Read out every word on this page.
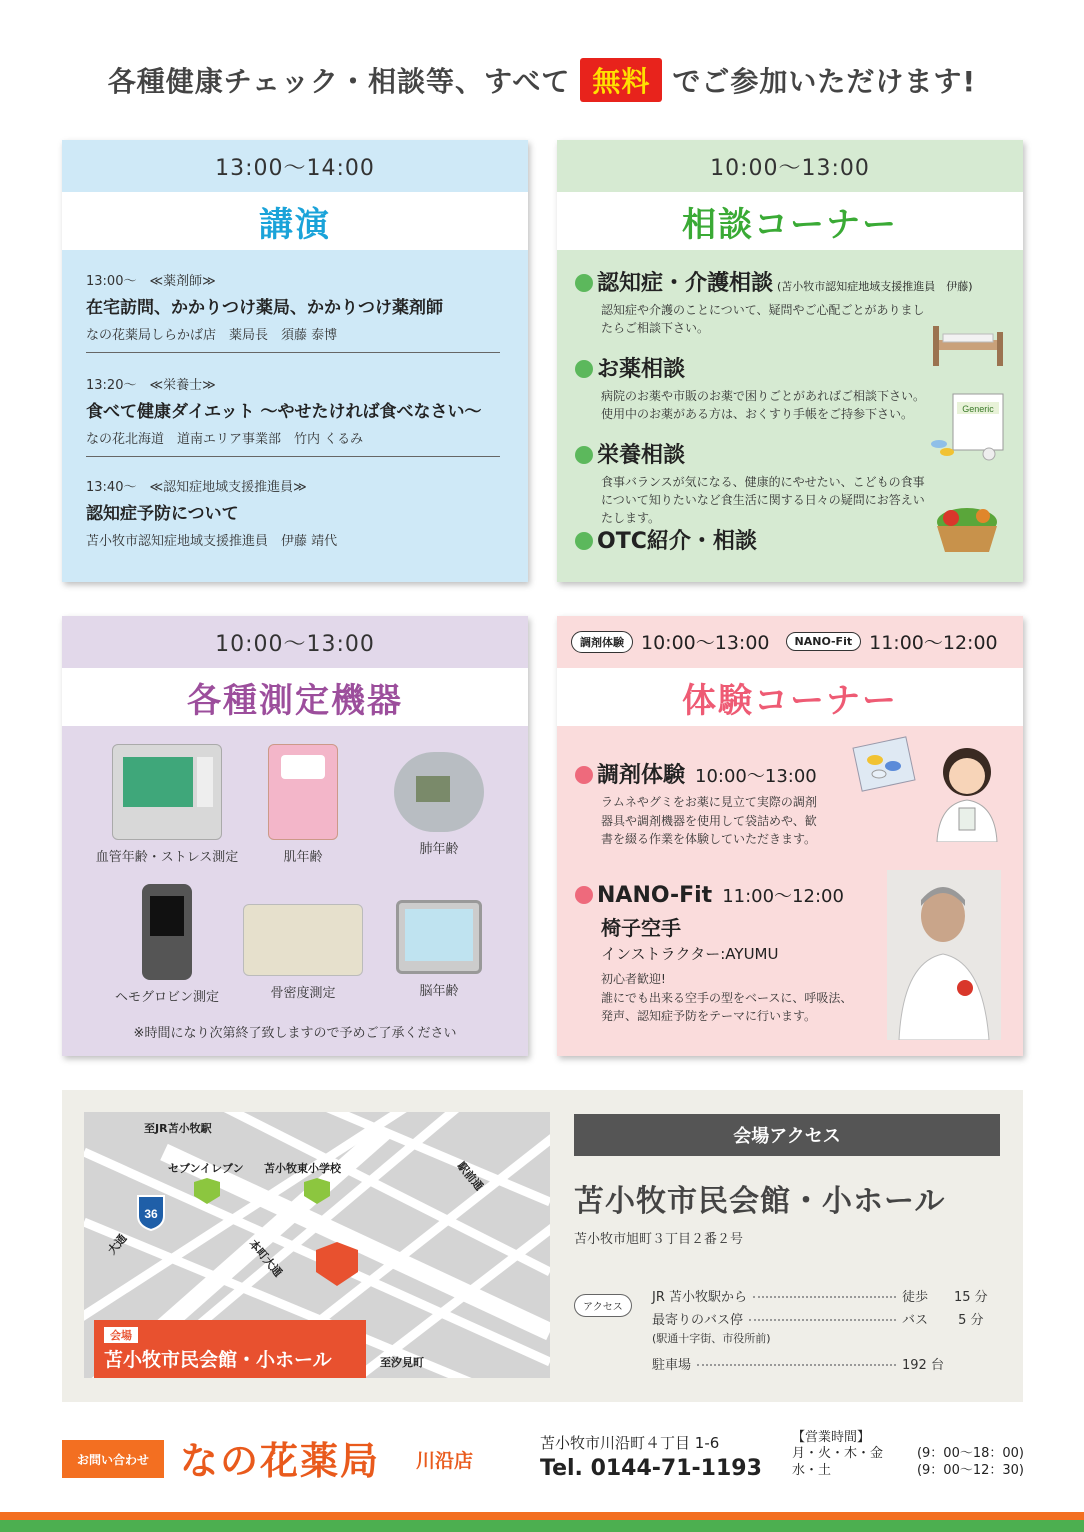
各種健康チェック・相談等、すべて 無料 でご参加いただけます!
13:00〜14:00
講演
13:00〜　≪薬剤師≫
在宅訪問、かかりつけ薬局、かかりつけ薬剤師
なの花薬局しらかば店　薬局長　須藤 泰博
13:20〜　≪栄養士≫
食べて健康ダイエット 〜やせたければ食べなさい〜
なの花北海道　道南エリア事業部　竹内 くるみ
13:40〜　≪認知症地域支援推進員≫
認知症予防について
苫小牧市認知症地域支援推進員　伊藤 靖代
10:00〜13:00
相談コーナー
認知症・介護相談 (苫小牧市認知症地域支援推進員　伊藤)
認知症や介護のことについて、疑問やご心配ごとがありましたらご相談下さい。
お薬相談
病院のお薬や市販のお薬で困りごとがあればご相談下さい。使用中のお薬がある方は、おくすり手帳をご持参下さい。
栄養相談
食事バランスが気になる、健康的にやせたい、こどもの食事について知りたいなど食生活に関する日々の疑問にお答えいたします。
OTC紹介・相談
Generic
10:00〜13:00
各種測定機器
血管年齢・ストレス測定	肌年齢
肺年齢
ヘモグロビン測定	骨密度測定	脳年齢
※時間になり次第終了致しますので予めご了承ください
調剤体験 10:00〜13:00	NANO-Fit 11:00〜12:00
体験コーナー
調剤体験 10:00〜13:00
ラムネやグミをお薬に見立て実際の調剤
器具や調剤機器を使用して袋詰めや、歓
書を綴る作業を体験していただきます。
NANO-Fit 11:00〜12:00
椅子空手
インストラクター:AYUMU
初心者歓迎!
誰にでも出来る空手の型をベースに、呼吸法、
発声、認知症予防をテーマに行います。
至JR苫小牧駅
セブンイレブン 苫小牧東小学校	駅前通
大通	本町大通
至汐見町
36
会場
苫小牧市民会館・小ホール
会場アクセス
苫小牧市民会館・小ホール
苫小牧市旭町３丁目２番２号
アクセス
JR 苫小牧駅から	徒歩　　15 分
最寄りのバス停	バス　　 5 分
(駅通十字街、市役所前)
駐車場	192 台
お問い合わせ なの花薬局 川沿店
苫小牧市川沿町４丁目 1-6
Tel. 0144-71-1193
【営業時間】
月・火・木・金	(9：00〜18：00)
水・土	(9：00〜12：30)
